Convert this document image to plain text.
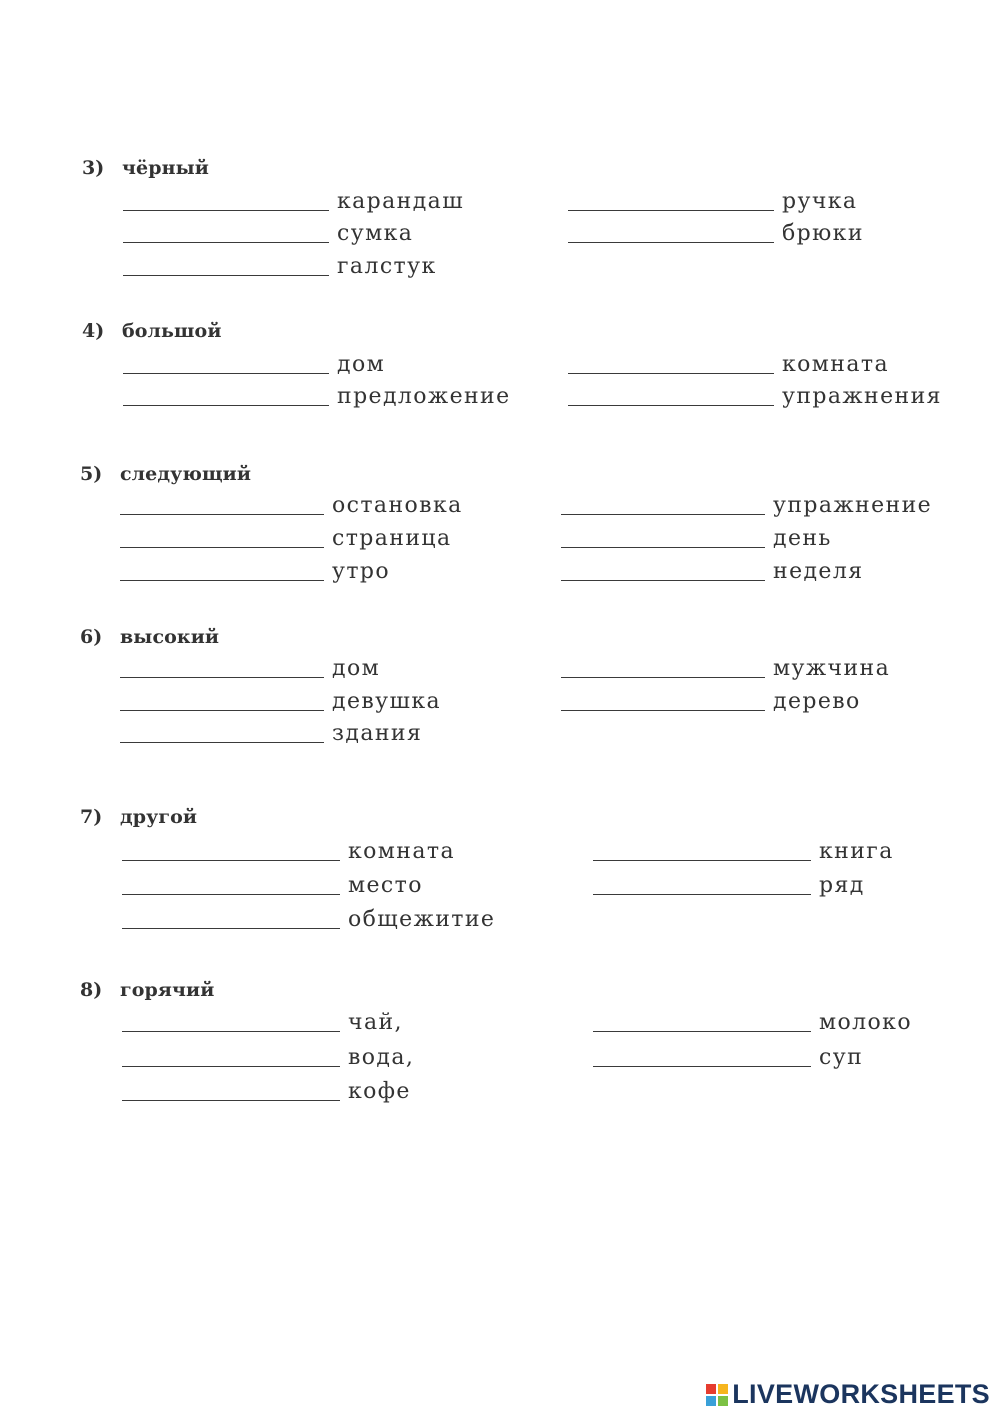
3) чёрный
карандаш
сумка
галстук
ручка
брюки
4) большой
дом
предложение
комната
упражнения
5) следующий
остановка
страница
утро
упражнение
день
неделя
6) высокий
дом
девушка
здания
мужчина
дерево
7) другой
комната
место
общежитие
книга
ряд
8) горячий
чай,
вода,
кофе
молоко
суп
LIVEWORKSHEETS
